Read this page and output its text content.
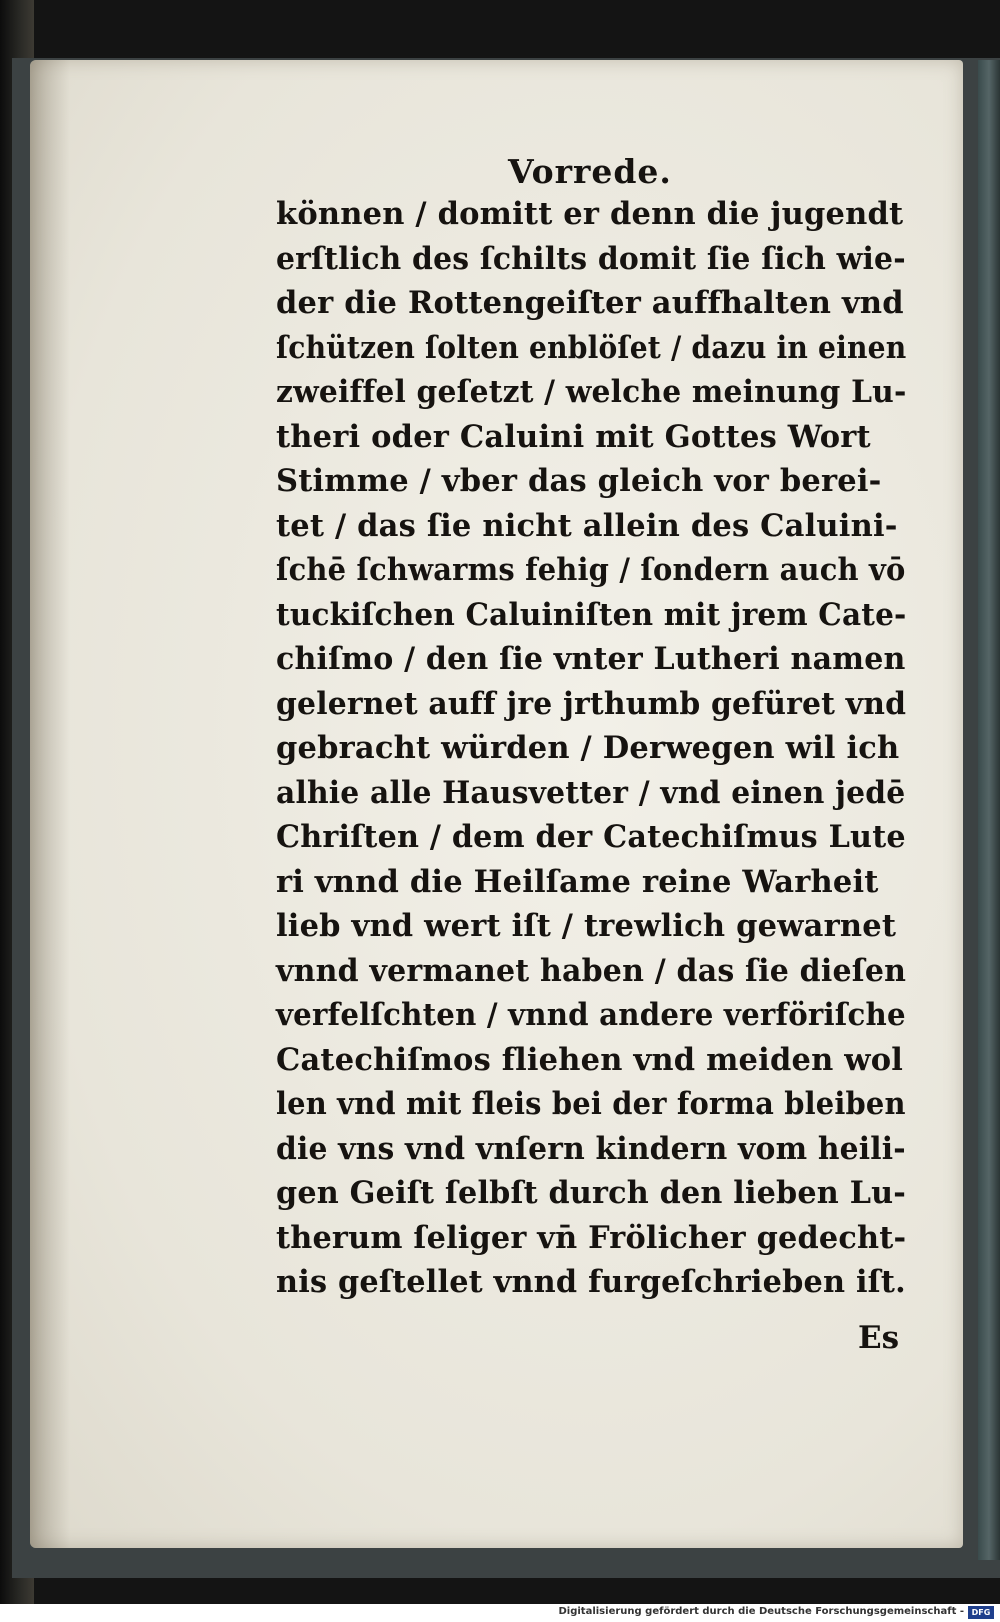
Vorrede.
können / domitt er denn die jugendt
erſtlich des ſchilts domit ſie ſich wie-
der die Rottengeiſter auffhalten vnd
ſchützen ſolten enblöſet / dazu in einen
zweiffel geſetzt / welche meinung Lu-
theri oder Caluini mit Gottes Wort
Stimme / vber das gleich vor berei-
tet / das ſie nicht allein des Caluini-
ſchē ſchwarms fehig / ſondern auch vō
tuckiſchen Caluiniſten mit jrem Cate-
chiſmo / den ſie vnter Lutheri namen
gelernet auff jre jrthumb gefüret vnd
gebracht würden / Derwegen wil ich
alhie alle Hausvetter / vnd einen jedē
Chriſten / dem der Catechiſmus Lute
ri vnnd die Heilſame reine Warheit
lieb vnd wert iſt / trewlich gewarnet
vnnd vermanet haben / das ſie dieſen
verfelſchten / vnnd andere verföriſche
Catechiſmos fliehen vnd meiden wol
len vnd mit fleis bei der forma bleiben
die vns vnd vnſern kindern vom heili-
gen Geiſt ſelbſt durch den lieben Lu-
therum ſeliger vn̄ Frölicher gedecht-
nis geſtellet vnnd furgeſchrieben iſt.
Es
Digitalisierung gefördert durch die Deutsche Forschungsgemeinschaft - DFG
